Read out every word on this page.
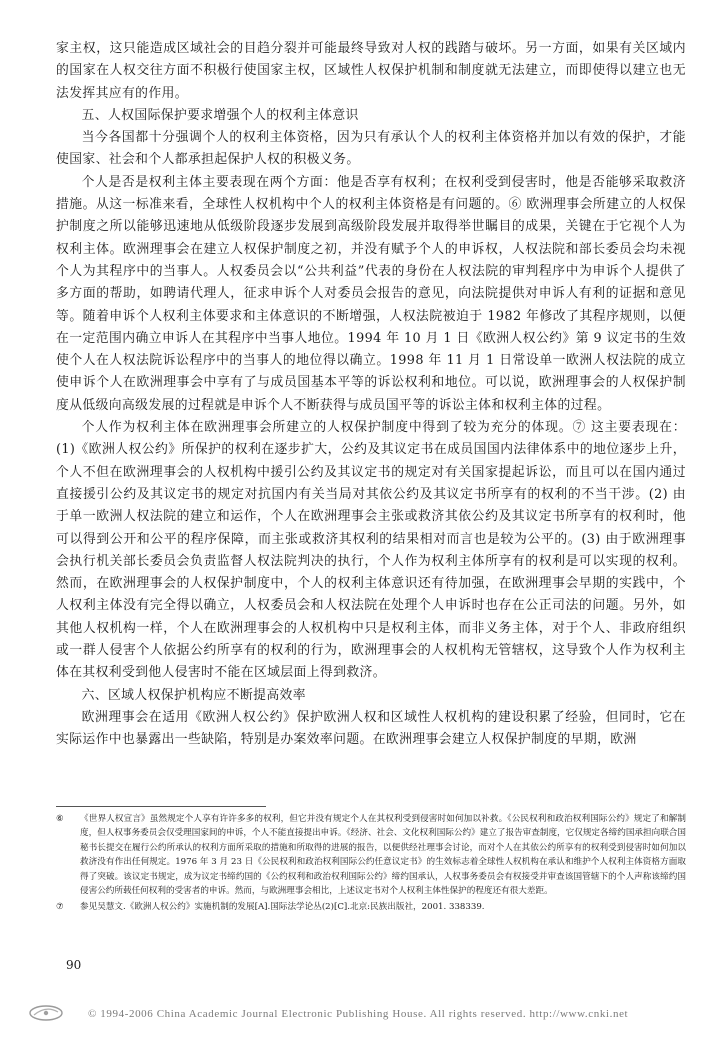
家主权，这只能造成区域社会的目趋分裂并可能最终导致对人权的践踏与破坏。另一方面，如果有关区域内的国家在人权交往方面不积极行使国家主权，区域性人权保护机制和制度就无法建立，而即使得以建立也无法发挥其应有的作用。

五、人权国际保护要求增强个人的权利主体意识

当今各国都十分强调个人的权利主体资格，因为只有承认个人的权利主体资格并加以有效的保护，才能使国家、社会和个人都承担起保护人权的积极义务。

个人是否是权利主体主要表现在两个方面：他是否享有权利；在权利受到侵害时，他是否能够采取救济措施。从这一标准来看，全球性人权机构中个人的权利主体资格是有问题的。⑥ 欧洲理事会所建立的人权保护制度之所以能够迅速地从低级阶段逐步发展到高级阶段发展并取得举世瞩目的成果，关键在于它视个人为权利主体。欧洲理事会在建立人权保护制度之初，并没有赋予个人的申诉权，人权法院和部长委员会均未视个人为其程序中的当事人。人权委员会以“公共利益”代表的身份在人权法院的审判程序中为申诉个人提供了多方面的帮助，如聘请代理人，征求申诉个人对委员会报告的意见，向法院提供对申诉人有利的证据和意见等。随着申诉个人权利主体要求和主体意识的不断增强，人权法院被迫于 1982 年修改了其程序规则，以便在一定范围内确立申诉人在其程序中当事人地位。1994 年 10 月 1 日《欧洲人权公约》第 9 议定书的生效使个人在人权法院诉讼程序中的当事人的地位得以确立。1998 年 11 月 1 日常设单一欧洲人权法院的成立使申诉个人在欧洲理事会中享有了与成员国基本平等的诉讼权利和地位。可以说，欧洲理事会的人权保护制度从低级向高级发展的过程就是申诉个人不断获得与成员国平等的诉讼主体和权利主体的过程。

个人作为权利主体在欧洲理事会所建立的人权保护制度中得到了较为充分的体现。⑦ 这主要表现在：(1)《欧洲人权公约》所保护的权利在逐步扩大，公约及其议定书在成员国国内法律体系中的地位逐步上升，个人不但在欧洲理事会的人权机构中援引公约及其议定书的规定对有关国家提起诉讼，而且可以在国内通过直接援引公约及其议定书的规定对抗国内有关当局对其依公约及其议定书所享有的权利的不当干涉。(2) 由于单一欧洲人权法院的建立和运作，个人在欧洲理事会主张或救济其依公约及其议定书所享有的权利时，他可以得到公开和公平的程序保障，而主张或救济其权利的结果相对而言也是较为公平的。(3) 由于欧洲理事会执行机关部长委员会负责监督人权法院判决的执行，个人作为权利主体所享有的权利是可以实现的权利。然而，在欧洲理事会的人权保护制度中，个人的权利主体意识还有待加强，在欧洲理事会早期的实践中，个人权利主体没有完全得以确立，人权委员会和人权法院在处理个人申诉时也存在公正司法的问题。另外，如其他人权机构一样，个人在欧洲理事会的人权机构中只是权利主体，而非义务主体，对于个人、非政府组织或一群人侵害个人依据公约所享有的权利的行为，欧洲理事会的人权机构无管辖权，这导致个人作为权利主体在其权利受到他人侵害时不能在区域层面上得到救济。

六、区域人权保护机构应不断提高效率

欧洲理事会在适用《欧洲人权公约》保护欧洲人权和区域性人权机构的建设积累了经验，但同时，它在实际运作中也暴露出一些缺陷，特别是办案效率问题。在欧洲理事会建立人权保护制度的早期，欧洲

⑥ 《世界人权宣言》虽然规定个人享有许许多多的权利，但它并没有规定个人在其权利受到侵害时如何加以补救。《公民权利和政治权利国际公约》规定了和解制度，但人权事务委员会仅受理国家间的申诉，个人不能直接提出申诉。《经济、社会、文化权利国际公约》建立了报告审查制度，它仅规定各缔约国承担向联合国秘书长提交在履行公约所承认的权利方面所采取的措施和所取得的进展的报告，以便供经社理事会讨论，而对个人在其依公约所享有的权利受到侵害时如何加以救济没有作出任何规定。1976 年 3 月 23 日《公民权利和政治权利国际公约任意议定书》的生效标志着全球性人权机构在承认和维护个人权利主体资格方面取得了突破。该议定书规定，成为议定书缔约国的《公约权利和政治权利国际公约》缔约国承认，人权事务委员会有权接受并审查该国管辖下的个人声称该缔约国侵害公约所载任何权利的受害者的申诉。然而，与欧洲理事会相比，上述议定书对个人权利主体性保护的程度还有很大差距。
⑦ 参见吴慧文.《欧洲人权公约》实施机制的发展[A].国际法学论丛(2)[C].北京:民族出版社，2001. 338339.
90
© 1994-2006 China Academic Journal Electronic Publishing House. All rights reserved. http://www.cnki.net
